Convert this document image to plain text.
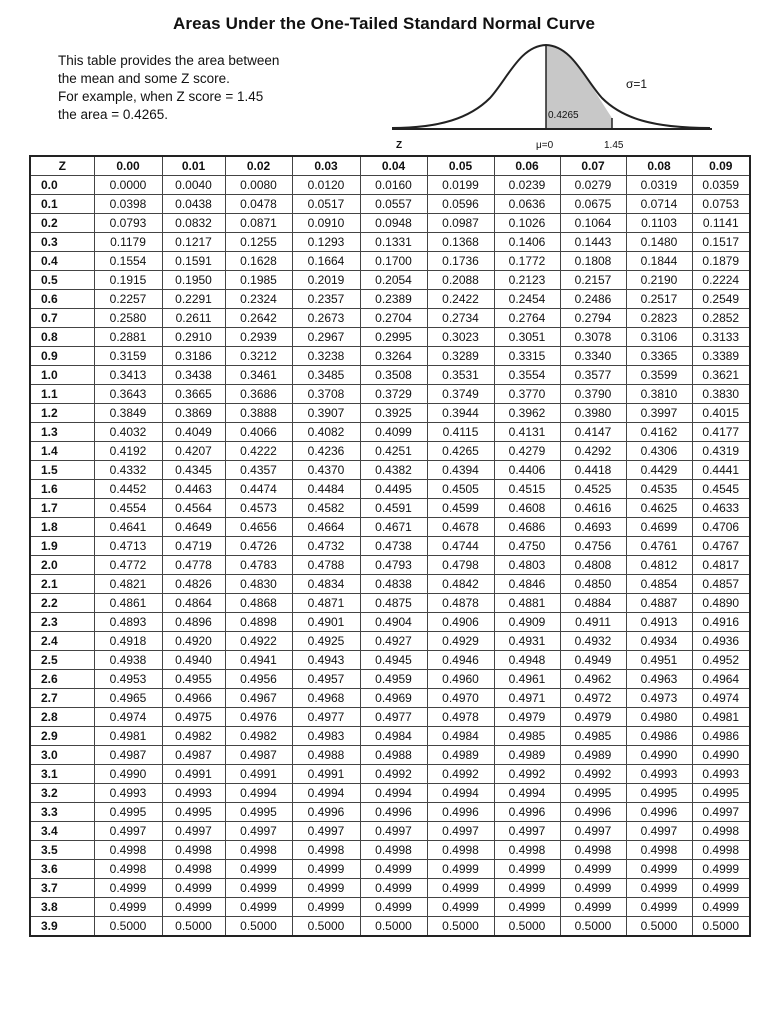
Areas Under the One-Tailed Standard Normal Curve
This table provides the area between
the mean and some Z score.
For example, when Z score = 1.45
the area = 0.4265.	0.4265
σ=1
Z	μ=0	1.45
Z	0.00	0.01	0.02	0.03	0.04	0.05	0.06	0.07	0.08	0.09
0.0	0.0000	0.0040	0.0080	0.0120	0.0160	0.0199	0.0239	0.0279	0.0319	0.0359
0.1	0.0398	0.0438	0.0478	0.0517	0.0557	0.0596	0.0636	0.0675	0.0714	0.0753
0.2	0.0793	0.0832	0.0871	0.0910	0.0948	0.0987	0.1026	0.1064	0.1103	0.1141
0.3	0.1179	0.1217	0.1255	0.1293	0.1331	0.1368	0.1406	0.1443	0.1480	0.1517
0.4	0.1554	0.1591	0.1628	0.1664	0.1700	0.1736	0.1772	0.1808	0.1844	0.1879
0.5	0.1915	0.1950	0.1985	0.2019	0.2054	0.2088	0.2123	0.2157	0.2190	0.2224
0.6	0.2257	0.2291	0.2324	0.2357	0.2389	0.2422	0.2454	0.2486	0.2517	0.2549
0.7	0.2580	0.2611	0.2642	0.2673	0.2704	0.2734	0.2764	0.2794	0.2823	0.2852
0.8	0.2881	0.2910	0.2939	0.2967	0.2995	0.3023	0.3051	0.3078	0.3106	0.3133
0.9	0.3159	0.3186	0.3212	0.3238	0.3264	0.3289	0.3315	0.3340	0.3365	0.3389
1.0	0.3413	0.3438	0.3461	0.3485	0.3508	0.3531	0.3554	0.3577	0.3599	0.3621
1.1	0.3643	0.3665	0.3686	0.3708	0.3729	0.3749	0.3770	0.3790	0.3810	0.3830
1.2	0.3849	0.3869	0.3888	0.3907	0.3925	0.3944	0.3962	0.3980	0.3997	0.4015
1.3	0.4032	0.4049	0.4066	0.4082	0.4099	0.4115	0.4131	0.4147	0.4162	0.4177
1.4	0.4192	0.4207	0.4222	0.4236	0.4251	0.4265	0.4279	0.4292	0.4306	0.4319
1.5	0.4332	0.4345	0.4357	0.4370	0.4382	0.4394	0.4406	0.4418	0.4429	0.4441
1.6	0.4452	0.4463	0.4474	0.4484	0.4495	0.4505	0.4515	0.4525	0.4535	0.4545
1.7	0.4554	0.4564	0.4573	0.4582	0.4591	0.4599	0.4608	0.4616	0.4625	0.4633
1.8	0.4641	0.4649	0.4656	0.4664	0.4671	0.4678	0.4686	0.4693	0.4699	0.4706
1.9	0.4713	0.4719	0.4726	0.4732	0.4738	0.4744	0.4750	0.4756	0.4761	0.4767
2.0	0.4772	0.4778	0.4783	0.4788	0.4793	0.4798	0.4803	0.4808	0.4812	0.4817
2.1	0.4821	0.4826	0.4830	0.4834	0.4838	0.4842	0.4846	0.4850	0.4854	0.4857
2.2	0.4861	0.4864	0.4868	0.4871	0.4875	0.4878	0.4881	0.4884	0.4887	0.4890
2.3	0.4893	0.4896	0.4898	0.4901	0.4904	0.4906	0.4909	0.4911	0.4913	0.4916
2.4	0.4918	0.4920	0.4922	0.4925	0.4927	0.4929	0.4931	0.4932	0.4934	0.4936
2.5	0.4938	0.4940	0.4941	0.4943	0.4945	0.4946	0.4948	0.4949	0.4951	0.4952
2.6	0.4953	0.4955	0.4956	0.4957	0.4959	0.4960	0.4961	0.4962	0.4963	0.4964
2.7	0.4965	0.4966	0.4967	0.4968	0.4969	0.4970	0.4971	0.4972	0.4973	0.4974
2.8	0.4974	0.4975	0.4976	0.4977	0.4977	0.4978	0.4979	0.4979	0.4980	0.4981
2.9	0.4981	0.4982	0.4982	0.4983	0.4984	0.4984	0.4985	0.4985	0.4986	0.4986
3.0	0.4987	0.4987	0.4987	0.4988	0.4988	0.4989	0.4989	0.4989	0.4990	0.4990
3.1	0.4990	0.4991	0.4991	0.4991	0.4992	0.4992	0.4992	0.4992	0.4993	0.4993
3.2	0.4993	0.4993	0.4994	0.4994	0.4994	0.4994	0.4994	0.4995	0.4995	0.4995
3.3	0.4995	0.4995	0.4995	0.4996	0.4996	0.4996	0.4996	0.4996	0.4996	0.4997
3.4	0.4997	0.4997	0.4997	0.4997	0.4997	0.4997	0.4997	0.4997	0.4997	0.4998
3.5	0.4998	0.4998	0.4998	0.4998	0.4998	0.4998	0.4998	0.4998	0.4998	0.4998
3.6	0.4998	0.4998	0.4999	0.4999	0.4999	0.4999	0.4999	0.4999	0.4999	0.4999
3.7	0.4999	0.4999	0.4999	0.4999	0.4999	0.4999	0.4999	0.4999	0.4999	0.4999
3.8	0.4999	0.4999	0.4999	0.4999	0.4999	0.4999	0.4999	0.4999	0.4999	0.4999
3.9	0.5000	0.5000	0.5000	0.5000	0.5000	0.5000	0.5000	0.5000	0.5000	0.5000
